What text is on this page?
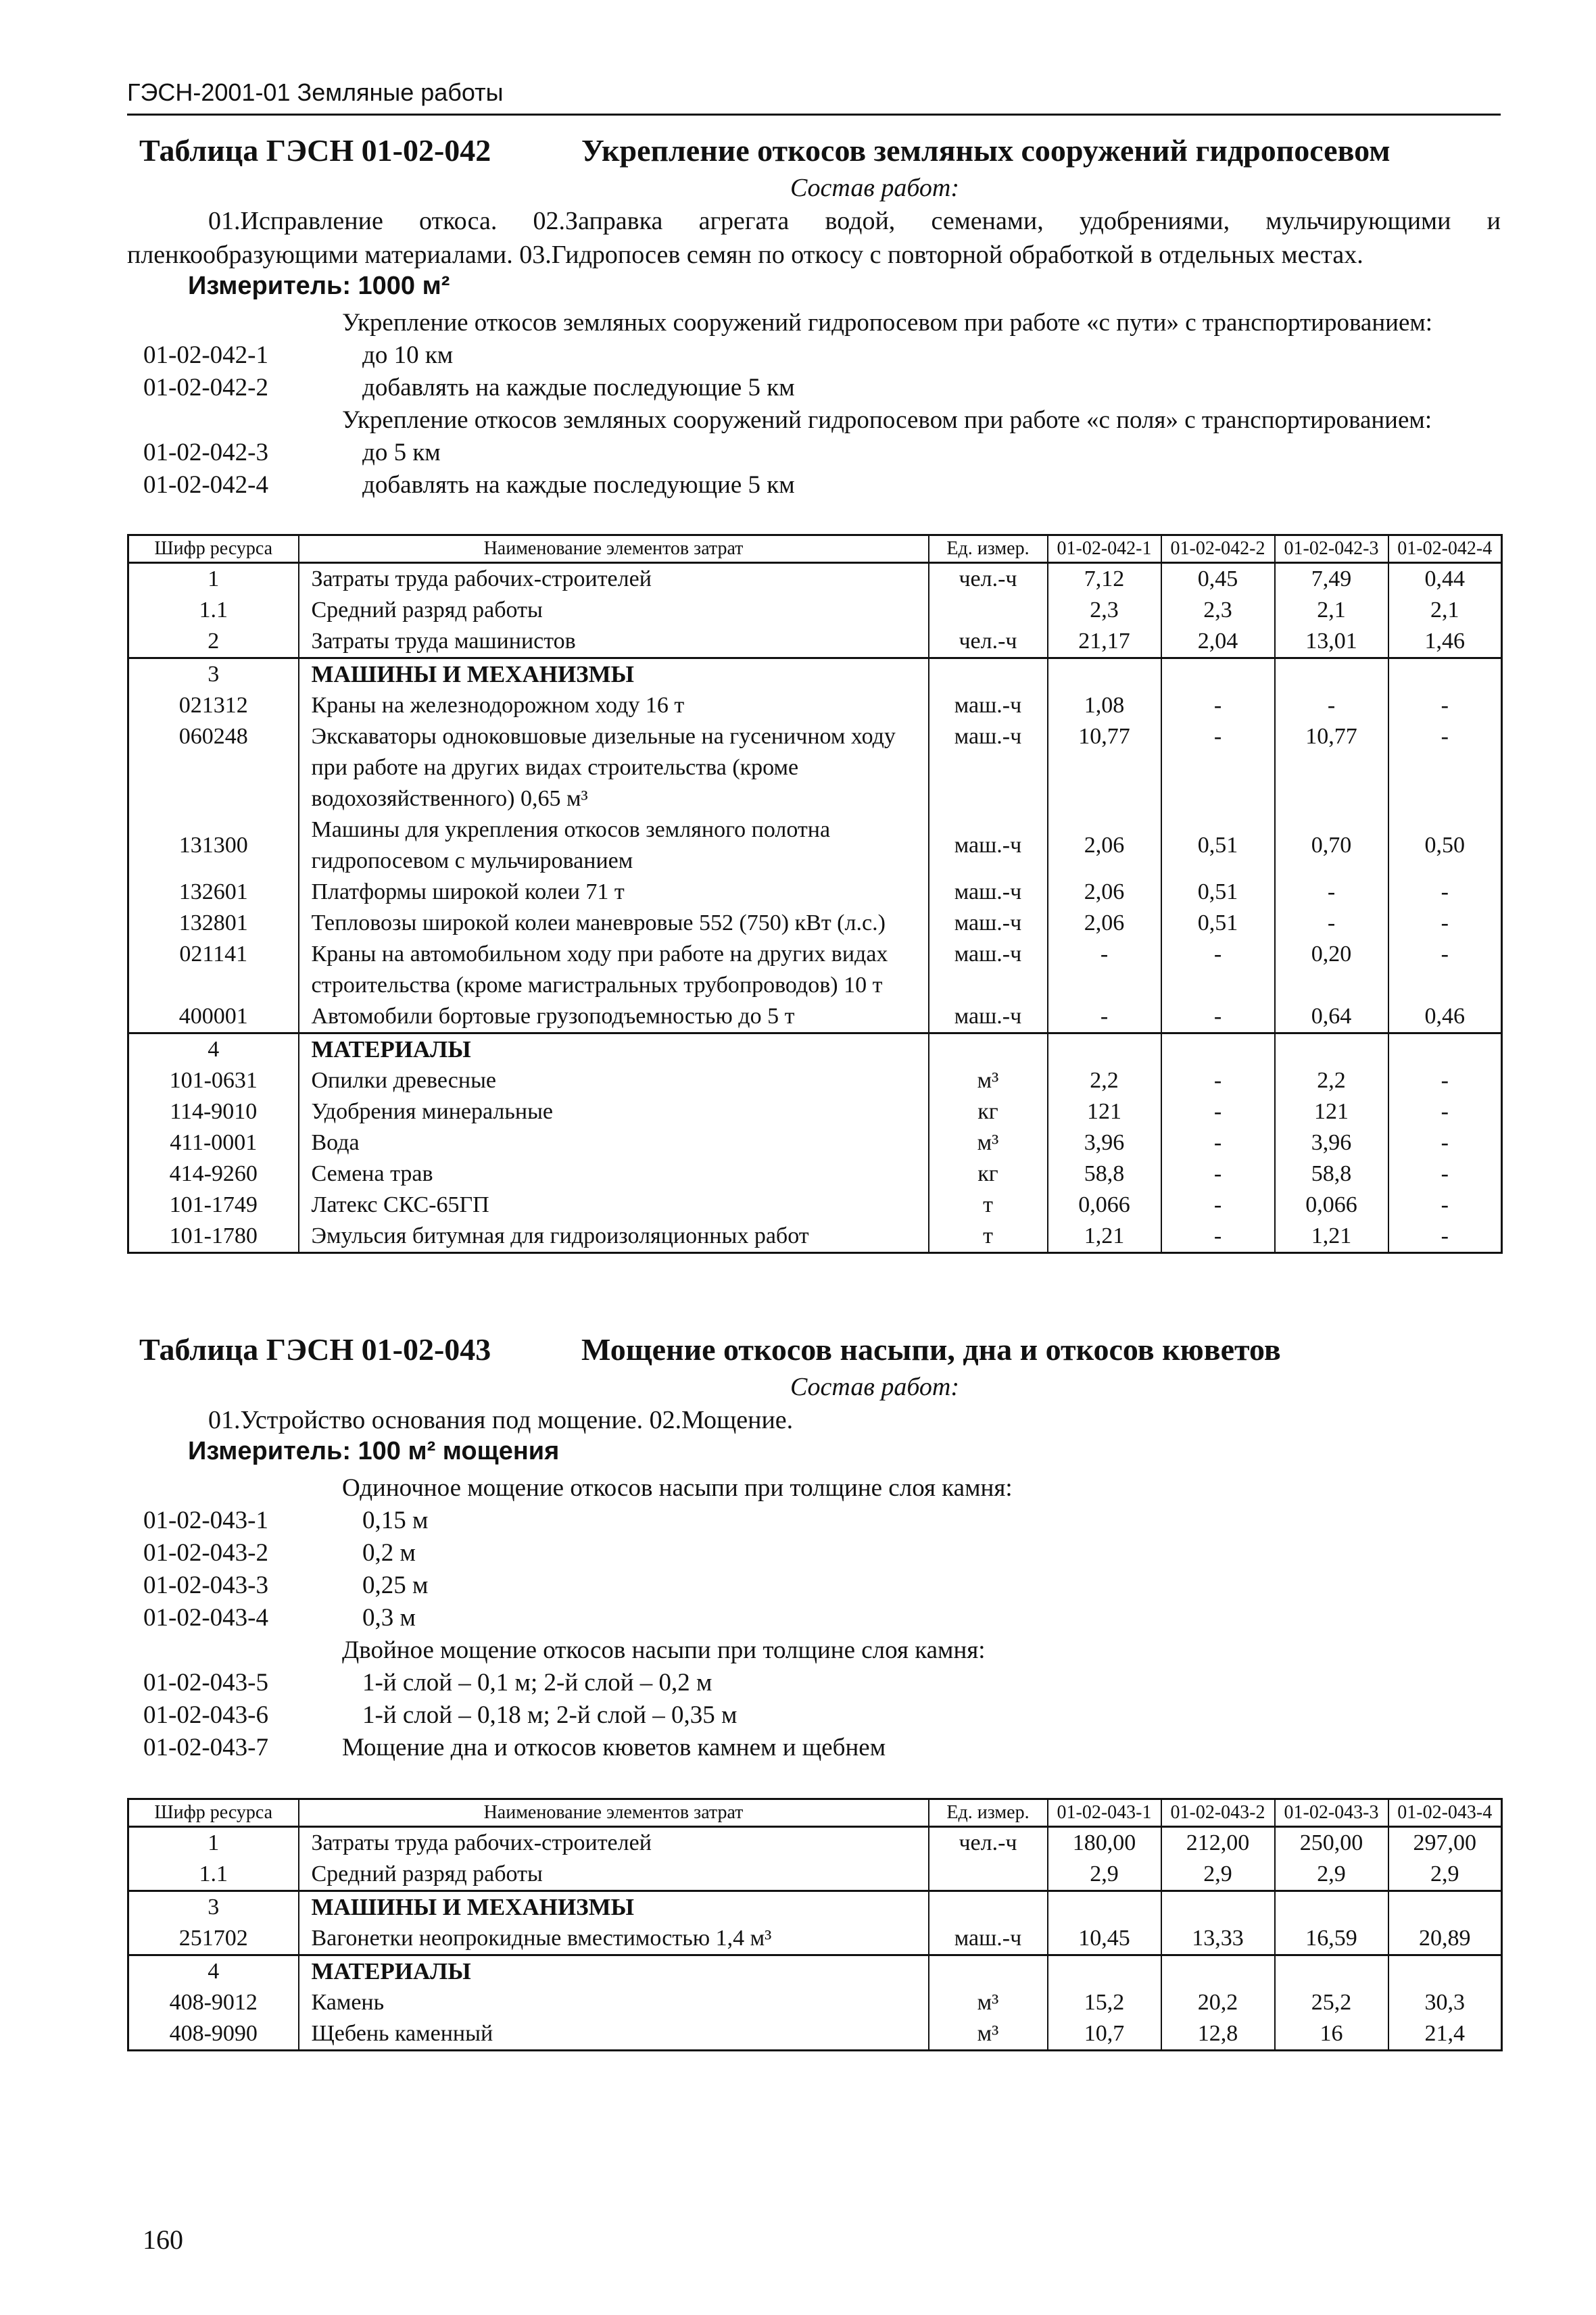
ГЭСН-2001-01 Земляные работы
Таблица ГЭСН 01-02-042	Укрепление откосов земляных сооружений гидропосевом
Состав работ:
01.Исправление откоса. 02.Заправка агрегата водой, семенами, удобрениями, мульчирующими и пленкообразующими материалами. 03.Гидропосев семян по откосу с повторной обработкой в отдельных местах.
Измеритель: 1000 м²
Укрепление откосов земляных сооружений гидропосевом при работе «с пути» с транспортированием:
01-02-042-1	до 10 км
01-02-042-2	добавлять на каждые последующие 5 км
Укрепление откосов земляных сооружений гидропосевом при работе «с поля» с транспортированием:
01-02-042-3	до 5 км
01-02-042-4	добавлять на каждые последующие 5 км
Шифр ресурса	Наименование элементов затрат	Ед. измер.	01-02-042-1	01-02-042-2	01-02-042-3	01-02-042-4
1	Затраты труда рабочих-строителей	чел.-ч	7,12	0,45	7,49	0,44
1.1	Средний разряд работы		2,3	2,3	2,1	2,1
2	Затраты труда машинистов	чел.-ч	21,17	2,04	13,01	1,46
3	МАШИНЫ И МЕХАНИЗМЫ					
021312	Краны на железнодорожном ходу 16 т	маш.-ч	1,08	-	-	-
060248	Экскаваторы одноковшовые дизельные на гусеничном ходу при работе на других видах строительства (кроме водохозяйственного) 0,65 м³	маш.-ч	10,77	-	10,77	-
131300	Машины для укрепления откосов земляного полотна гидропосевом с мульчированием	маш.-ч	2,06	0,51	0,70	0,50
132601	Платформы широкой колеи 71 т	маш.-ч	2,06	0,51	-	-
132801	Тепловозы широкой колеи маневровые 552 (750) кВт (л.с.)	маш.-ч	2,06	0,51	-	-
021141	Краны на автомобильном ходу при работе на других видах строительства (кроме магистральных трубопроводов) 10 т	маш.-ч	-	-	0,20	-
400001	Автомобили бортовые грузоподъемностью до 5 т	маш.-ч	-	-	0,64	0,46
4	МАТЕРИАЛЫ					
101-0631	Опилки древесные	м³	2,2	-	2,2	-
114-9010	Удобрения минеральные	кг	121	-	121	-
411-0001	Вода	м³	3,96	-	3,96	-
414-9260	Семена трав	кг	58,8	-	58,8	-
101-1749	Латекс СКС-65ГП	т	0,066	-	0,066	-
101-1780	Эмульсия битумная для гидроизоляционных работ	т	1,21	-	1,21	-
Таблица ГЭСН 01-02-043	Мощение откосов насыпи, дна и откосов кюветов
Состав работ:
01.Устройство основания под мощение. 02.Мощение.
Измеритель: 100 м² мощения
Одиночное мощение откосов насыпи при толщине слоя камня:
01-02-043-1	0,15 м
01-02-043-2	0,2 м
01-02-043-3	0,25 м
01-02-043-4	0,3 м
Двойное мощение откосов насыпи при толщине слоя камня:
01-02-043-5	1-й слой – 0,1 м; 2-й слой – 0,2 м
01-02-043-6	1-й слой – 0,18 м; 2-й слой – 0,35 м
01-02-043-7	Мощение дна и откосов кюветов камнем и щебнем
Шифр ресурса	Наименование элементов затрат	Ед. измер.	01-02-043-1	01-02-043-2	01-02-043-3	01-02-043-4
1	Затраты труда рабочих-строителей	чел.-ч	180,00	212,00	250,00	297,00
1.1	Средний разряд работы		2,9	2,9	2,9	2,9
3	МАШИНЫ И МЕХАНИЗМЫ					
251702	Вагонетки неопрокидные вместимостью 1,4 м³	маш.-ч	10,45	13,33	16,59	20,89
4	МАТЕРИАЛЫ					
408-9012	Камень	м³	15,2	20,2	25,2	30,3
408-9090	Щебень каменный	м³	10,7	12,8	16	21,4
160
